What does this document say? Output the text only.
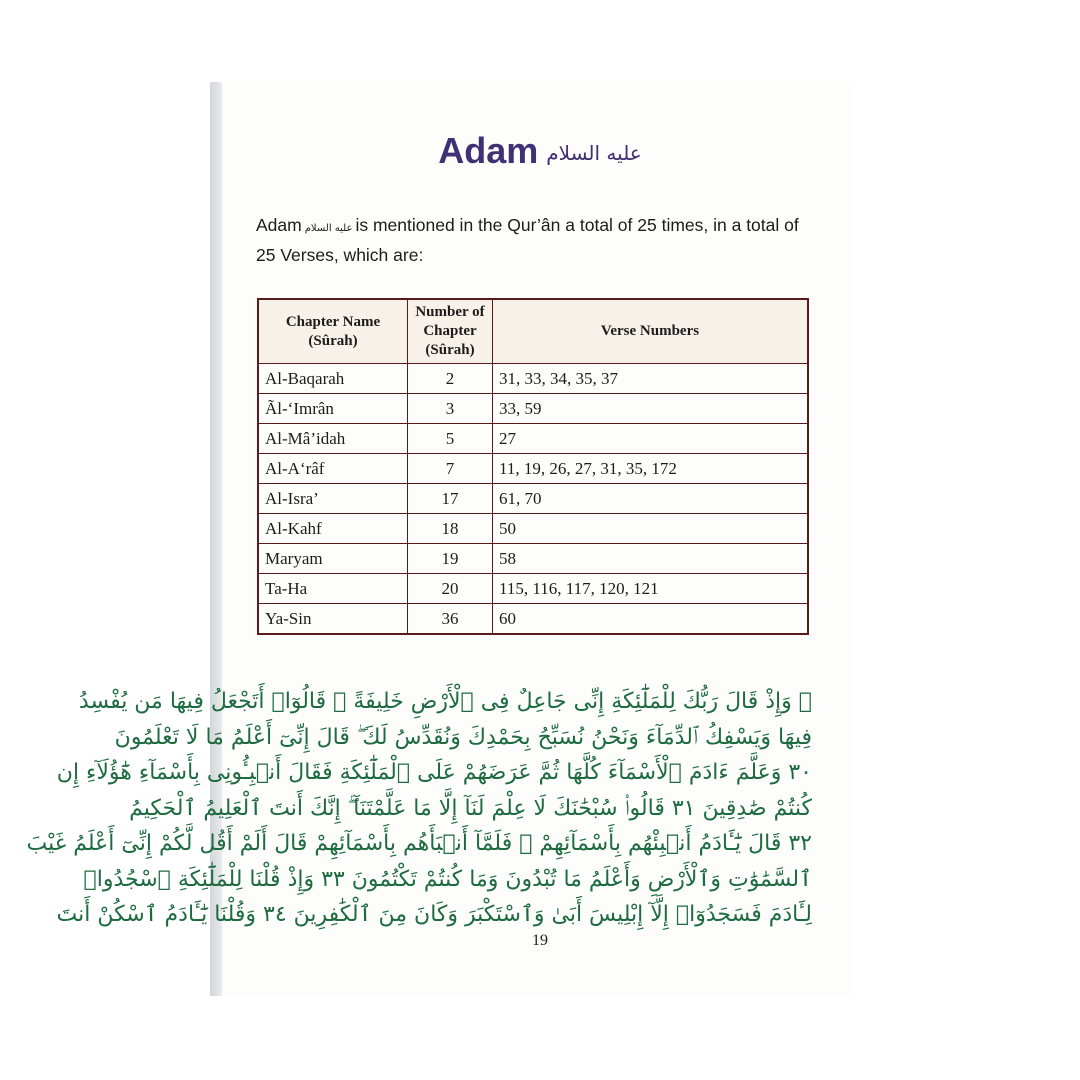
Adam عليه السلام
Adam عليه السلام is mentioned in the Qur’ân a total of 25 times, in a total of 25 Verses, which are:
Chapter Name (Sûrah)	Number of Chapter (Sûrah)	Verse Numbers
Al-Baqarah	2	31, 33, 34, 35, 37
Ãl-‘Imrân	3	33, 59
Al-Mâ’idah	5	27
Al-A‘râf	7	11, 19, 26, 27, 31, 35, 172
Al-Isra’	17	61, 70
Al-Kahf	18	50
Maryam	19	58
Ta-Ha	20	115, 116, 117, 120, 121
Ya-Sin	36	60
﴿ وَإِذْ قَالَ رَبُّكَ لِلْمَلَٰٓئِكَةِ إِنِّى جَاعِلٌ فِى ٱلْأَرْضِ خَلِيفَةً ۖ قَالُوٓا۟ أَتَجْعَلُ فِيهَا مَن يُفْسِدُ
فِيهَا وَيَسْفِكُ ٱلدِّمَآءَ وَنَحْنُ نُسَبِّحُ بِحَمْدِكَ وَنُقَدِّسُ لَكَ ۖ قَالَ إِنِّىٓ أَعْلَمُ مَا لَا تَعْلَمُونَ
٣٠ وَعَلَّمَ ءَادَمَ ٱلْأَسْمَآءَ كُلَّهَا ثُمَّ عَرَضَهُمْ عَلَى ٱلْمَلَٰٓئِكَةِ فَقَالَ أَنۢبِـُٔونِى بِأَسْمَآءِ هَٰٓؤُلَآءِ إِن
كُنتُمْ صَٰدِقِينَ ٣١ قَالُوا۟ سُبْحَٰنَكَ لَا عِلْمَ لَنَآ إِلَّا مَا عَلَّمْتَنَآ ۖ إِنَّكَ أَنتَ ٱلْعَلِيمُ ٱلْحَكِيمُ
٣٢ قَالَ يَٰٓـَٔادَمُ أَنۢبِئْهُم بِأَسْمَآئِهِمْ ۖ فَلَمَّآ أَنۢبَأَهُم بِأَسْمَآئِهِمْ قَالَ أَلَمْ أَقُل لَّكُمْ إِنِّىٓ أَعْلَمُ غَيْبَ
ٱلسَّمَٰوَٰتِ وَٱلْأَرْضِ وَأَعْلَمُ مَا تُبْدُونَ وَمَا كُنتُمْ تَكْتُمُونَ ٣٣ وَإِذْ قُلْنَا لِلْمَلَٰٓئِكَةِ ٱسْجُدُوا۟
لِـَٔادَمَ فَسَجَدُوٓا۟ إِلَّآ إِبْلِيسَ أَبَىٰ وَٱسْتَكْبَرَ وَكَانَ مِنَ ٱلْكَٰفِرِينَ ٣٤ وَقُلْنَا يَٰٓـَٔادَمُ ٱسْكُنْ أَنتَ
19
